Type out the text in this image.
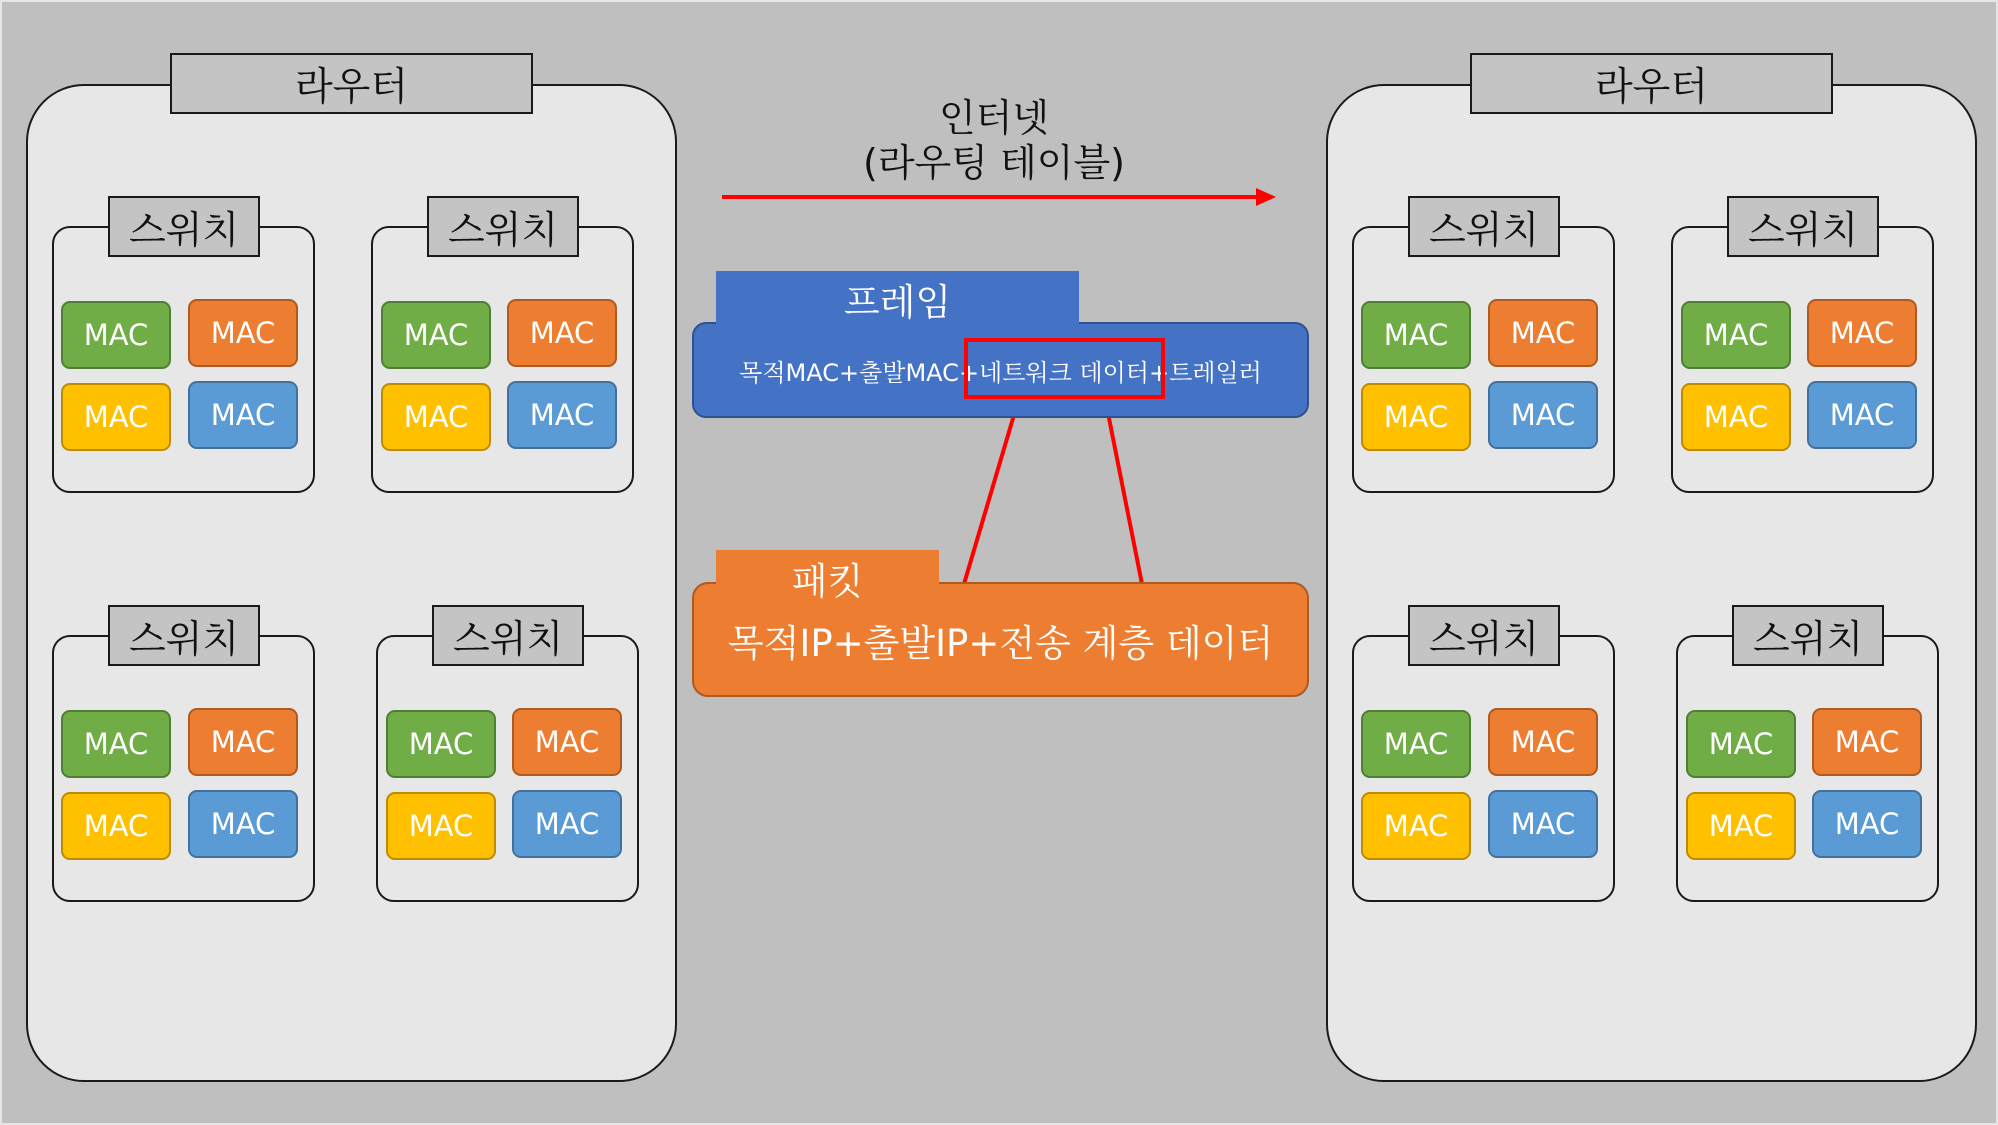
라우터
스위치
MAC	MAC
MAC	MAC
스위치
MAC	MAC
MAC	MAC
스위치
MAC	MAC
MAC	MAC
스위치
MAC	MAC
MAC	MAC
라우터
스위치
MAC	MAC
MAC	MAC
스위치
MAC	MAC
MAC	MAC
스위치
MAC	MAC
MAC	MAC
스위치
MAC	MAC
MAC	MAC
인터넷
(라우팅 테이블)
목적MAC+출발MAC+네트워크 데이터+트레일러
프레임
목적IP+출발IP+전송 계층 데이터
패킷
